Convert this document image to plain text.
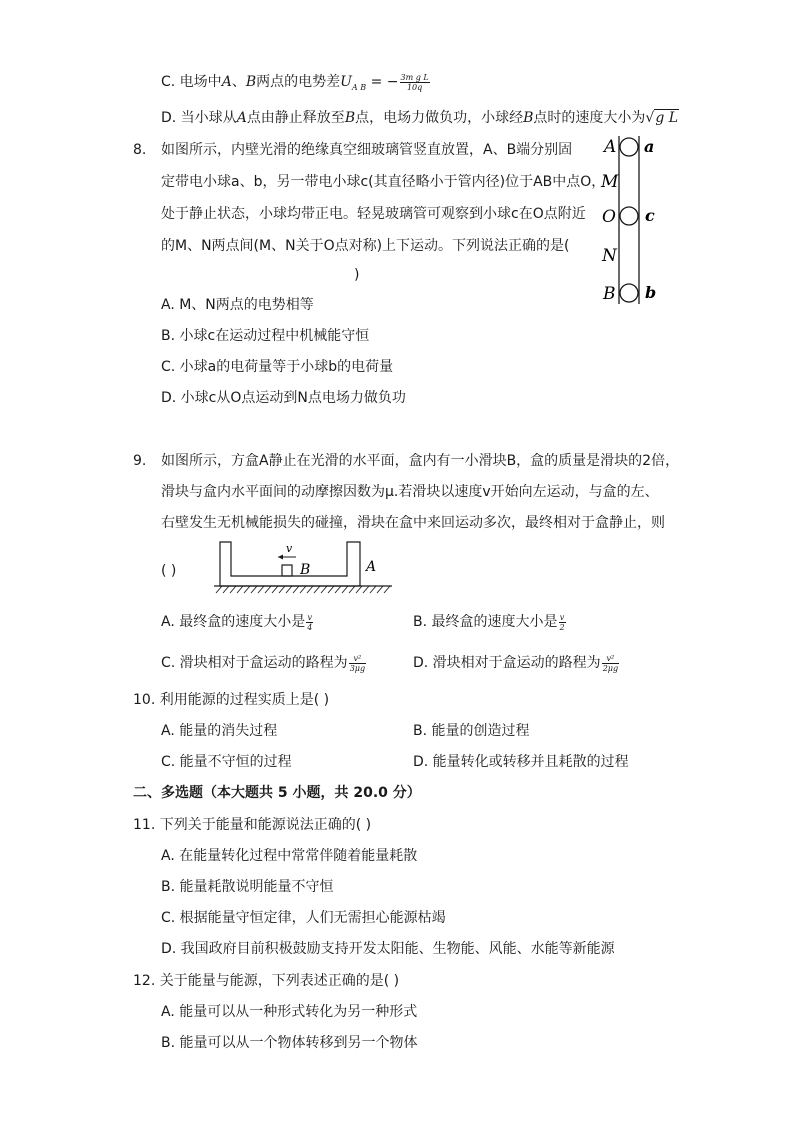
C. 电场中A、B两点的电势差$U_{A B}$ = − $\frac{\text{3m g L}}{10q}$
D. 当小球从A点由静止释放至B点，电场力做负功，小球经B点时的速度大小为√g L
8. 如图所示，内壁光滑的绝缘真空细玻璃管竖直放置，A、B端分别固
定带电小球a、b，另一带电小球c(其直径略小于管内径)位于AB中点O，
处于静止状态，小球均带正电。轻晃玻璃管可观察到小球c在O点附近
的M、N两点间(M、N关于O点对称)上下运动。下列说法正确的是(
)
A
M
O
N
B
a
c
b
A. M、N两点的电势相等
B. 小球c在运动过程中机械能守恒
C. 小球a的电荷量等于小球b的电荷量
D. 小球c从O点运动到N点电场力做负功
9. 如图所示，方盒A静止在光滑的水平面，盒内有一小滑块B，盒的质量是滑块的2倍，
滑块与盒内水平面间的动摩擦因数为μ.若滑块以速度v开始向左运动，与盒的左、
右壁发生无机械能损失的碰撞，滑块在盒中来回运动多次，最终相对于盒静止，则
( )
v
B	A
A. 最终盒的速度大小是 $\frac{v}{4}$	B. 最终盒的速度大小是 $\frac{v}{2}$
C. 滑块相对于盒运动的路程为 $\frac{\text{v²}}{3\mu g}$	D. 滑块相对于盒运动的路程为 $\frac{\text{v²}}{2\mu g}$
10. 利用能源的过程实质上是( )
A. 能量的消失过程	B. 能量的创造过程
C. 能量不守恒的过程	D. 能量转化或转移并且耗散的过程
二、多选题（本大题共 5 小题，共 20.0 分）
11. 下列关于能量和能源说法正确的( )
A. 在能量转化过程中常常伴随着能量耗散
B. 能量耗散说明能量不守恒
C. 根据能量守恒定律，人们无需担心能源枯竭
D. 我国政府目前积极鼓励支持开发太阳能、生物能、风能、水能等新能源
12. 关于能量与能源，下列表述正确的是( )
A. 能量可以从一种形式转化为另一种形式
B. 能量可以从一个物体转移到另一个物体
